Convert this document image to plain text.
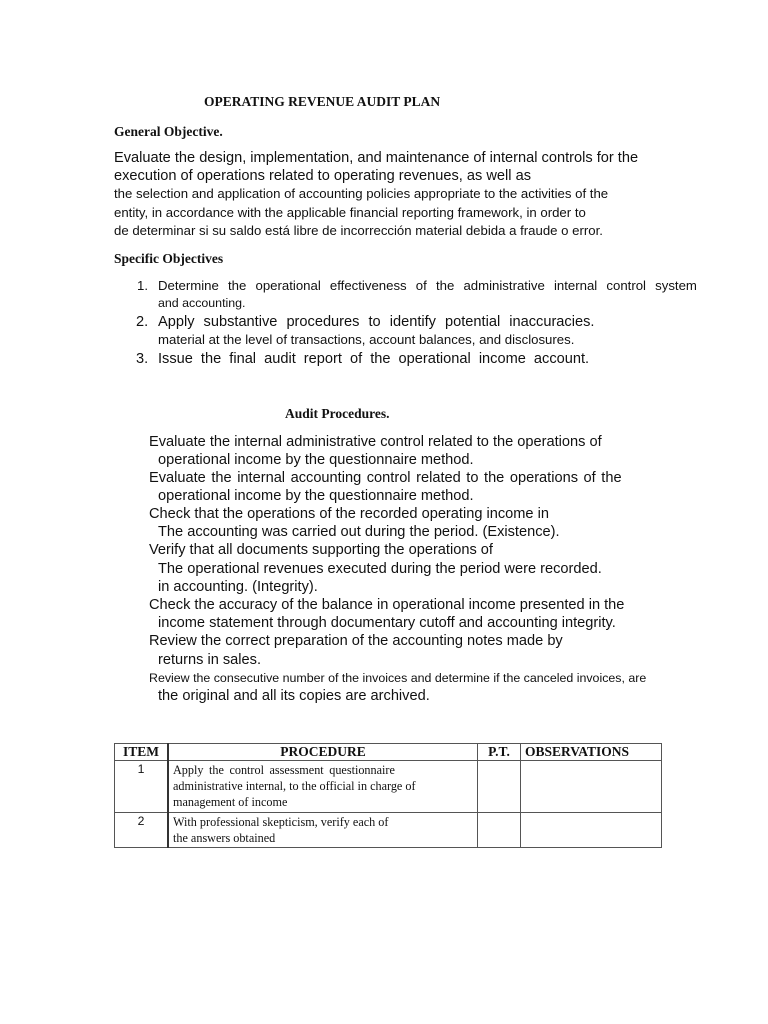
OPERATING REVENUE AUDIT PLAN
General Objective.
Evaluate the design, implementation, and maintenance of internal controls for the
execution of operations related to operating revenues, as well as
the selection and application of accounting policies appropriate to the activities of the
entity, in accordance with the applicable financial reporting framework, in order to
de determinar si su saldo está libre de incorrección material debida a fraude o error.
Specific Objectives
1. Determine the operational effectiveness of the administrative internal control system
and accounting.
2. Apply substantive procedures to identify potential inaccuracies.
material at the level of transactions, account balances, and disclosures.
3. Issue the final audit report of the operational income account.
Audit Procedures.
Evaluate the internal administrative control related to the operations of
operational income by the questionnaire method.
Evaluate the internal accounting control related to the operations of the
operational income by the questionnaire method.
Check that the operations of the recorded operating income in
The accounting was carried out during the period. (Existence).
Verify that all documents supporting the operations of
The operational revenues executed during the period were recorded.
in accounting. (Integrity).
Check the accuracy of the balance in operational income presented in the
income statement through documentary cutoff and accounting integrity.
Review the correct preparation of the accounting notes made by
returns in sales.
Review the consecutive number of the invoices and determine if the canceled invoices, are
the original and all its copies are archived.
ITEM	PROCEDURE	P.T.	OBSERVATIONS
1	Apply the control assessment questionnaire
administrative internal, to the official in charge of
management of income		

2	With professional skepticism, verify each of
the answers obtained		
